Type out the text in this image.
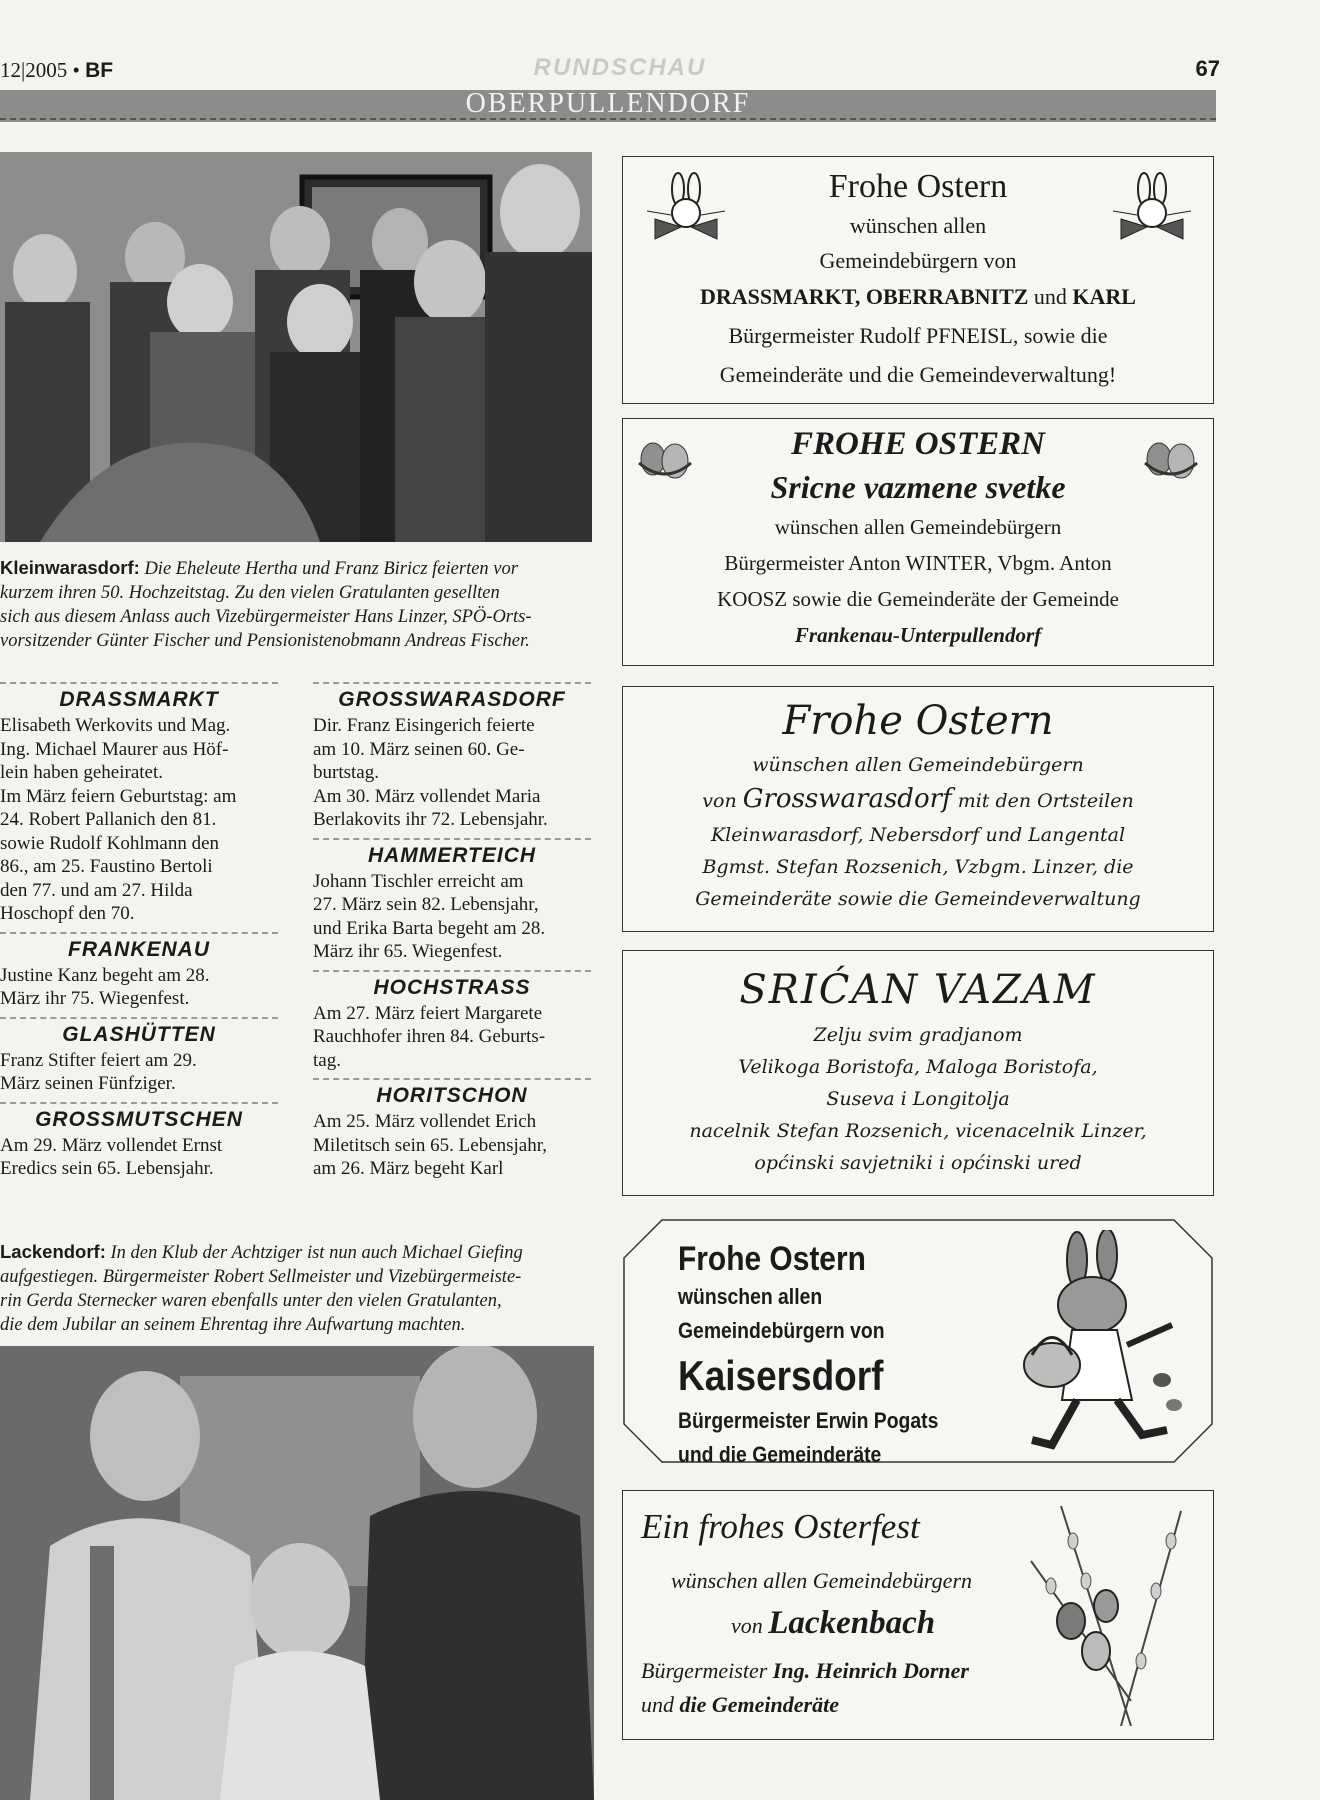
12|2005 • BF	RUNDSCHAU	67
OBERPULLENDORF
Kleinwarasdorf: Die Eheleute Hertha und Franz Biricz feierten vor
kurzem ihren 50. Hochzeitstag. Zu den vielen Gratulanten gesellten
sich aus diesem Anlass auch Vizebürgermeister Hans Linzer, SPÖ-Orts-
vorsitzender Günter Fischer und Pensionistenobmann Andreas Fischer.
DRASSMARKT
Elisabeth Werkovits und Mag.
Ing. Michael Maurer aus Höf-
lein haben geheiratet.
Im März feiern Geburtstag: am
24. Robert Pallanich den 81.
sowie Rudolf Kohlmann den
86., am 25. Faustino Bertoli
den 77. und am 27. Hilda
Hoschopf den 70.
FRANKENAU
Justine Kanz begeht am 28.
März ihr 75. Wiegenfest.
GLASHÜTTEN
Franz Stifter feiert am 29.
März seinen Fünfziger.
GROSSMUTSCHEN
Am 29. März vollendet Ernst
Eredics sein 65. Lebensjahr.
GROSSWARASDORF
Dir. Franz Eisingerich feierte
am 10. März seinen 60. Ge-
burtstag.
Am 30. März vollendet Maria
Berlakovits ihr 72. Lebensjahr.
HAMMERTEICH
Johann Tischler erreicht am
27. März sein 82. Lebensjahr,
und Erika Barta begeht am 28.
März ihr 65. Wiegenfest.
HOCHSTRASS
Am 27. März feiert Margarete
Rauchhofer ihren 84. Geburts-
tag.
HORITSCHON
Am 25. März vollendet Erich
Miletitsch sein 65. Lebensjahr,
am 26. März begeht Karl
Lackendorf: In den Klub der Achtziger ist nun auch Michael Giefing
aufgestiegen. Bürgermeister Robert Sellmeister und Vizebürgermeiste-
rin Gerda Sternecker waren ebenfalls unter den vielen Gratulanten,
die dem Jubilar an seinem Ehrentag ihre Aufwartung machten.
Frohe Ostern
wünschen allen
Gemeindebürgern von
DRASSMARKT, OBERRABNITZ und KARL
Bürgermeister Rudolf PFNEISL, sowie die
Gemeinderäte und die Gemeindeverwaltung!
FROHE OSTERN
Sricne vazmene svetke
wünschen allen Gemeindebürgern
Bürgermeister Anton WINTER, Vbgm. Anton
KOOSZ sowie die Gemeinderäte der Gemeinde
Frankenau-Unterpullendorf
Frohe Ostern
wünschen allen Gemeindebürgern
von Grosswarasdorf mit den Ortsteilen
Kleinwarasdorf, Nebersdorf und Langental
Bgmst. Stefan Rozsenich, Vzbgm. Linzer, die
Gemeinderäte sowie die Gemeindeverwaltung
SRIĆAN VAZAM
Zelju svim gradjanom
Velikoga Boristofa, Maloga Boristofa,
Suseva i Longitolja
nacelnik Stefan Rozsenich, vicenacelnik Linzer,
općinski savjetniki i općinski ured
Frohe Ostern
wünschen allen
Gemeindebürgern von
Kaisersdorf
Bürgermeister Erwin Pogats
und die Gemeinderäte
Ein frohes Osterfest
wünschen allen Gemeindebürgern
von Lackenbach
Bürgermeister Ing. Heinrich Dorner
und die Gemeinderäte
